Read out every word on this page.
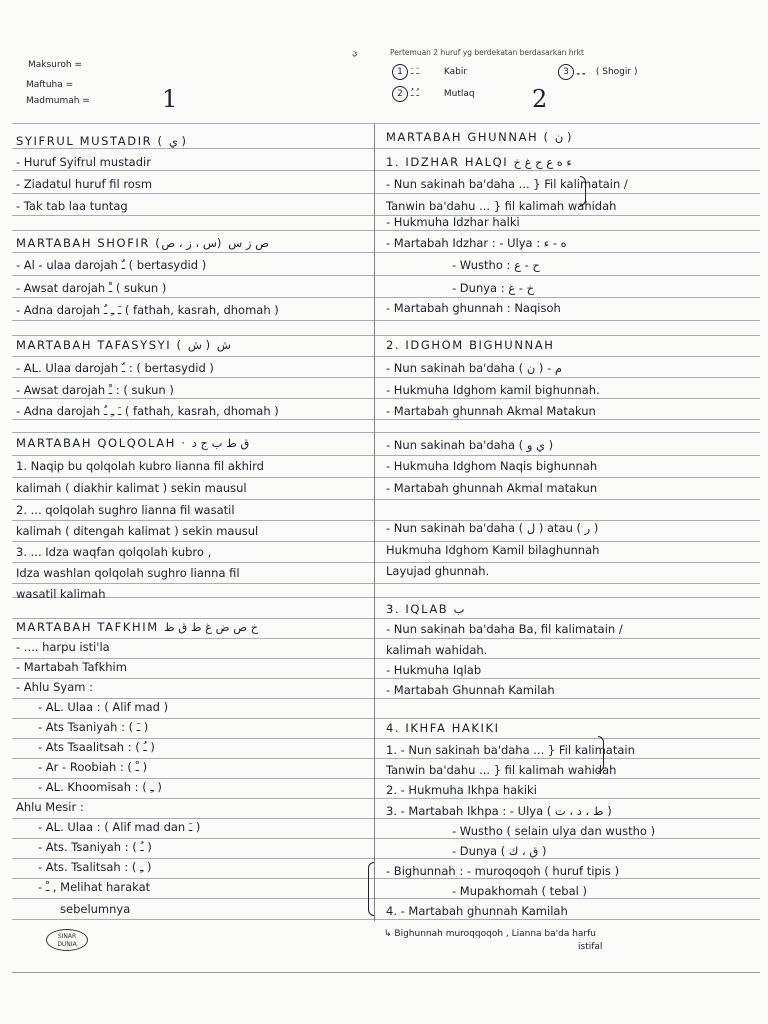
Maksuroh =
Maftuha =
Madmumah =	1
يَ	Pertemuan 2 huruf yg berdekatan berdasarkan hrkt
1 ـَ ـَ	Kabir
2 ـُ ـُ	Mutlaq
3 ـِ ـِ ( Shogir )
2
SYIFRUL MUSTADIR ( ي )
- Huruf Syifrul mustadir
- Ziadatul huruf fil rosm
- Tak tab laa tuntag
MARTABAH SHOFIR (س ، ز ، ص) ص ز س
- Al - ulaa darojah ـّ ( bertasydid )
- Awsat darojah ـْ ( sukun )
- Adna darojah ـَ ـِ ـُ ( fathah, kasrah, dhomah )
MARTABAH TAFASYSYI ( ش ) ش
- AL. Ulaa darojah ـّ : ( bertasydid )
- Awsat darojah ـْ : ( sukun )
- Adna darojah ـَ ـِ ـُ ( fathah, kasrah, dhomah )
MARTABAH QOLQOLAH · ق ط ب ج د
1. Naqip bu qolqolah kubro lianna fil akhird
kalimah ( diakhir kalimat ) sekin mausul
2. ... qolqolah sughro lianna fil wasatil
kalimah ( ditengah kalimat ) sekin mausul
3. ... Idza waqfan qolqolah kubro ,
Idza washlan qolqolah sughro lianna fil
wasatil kalimah
MARTABAH TAFKHIM خ ص ض غ ط ق ظ
- .... harpu isti'la
- Martabah Tafkhim
- Ahlu Syam :
- AL. Ulaa : ( Alif mad )
- Ats Tsaniyah : ( ـَ )
- Ats Tsaalitsah : ( ـُ )
- Ar - Roobiah : ( ـْ )
- AL. Khoomisah : ( ـِ )
Ahlu Mesir :
- AL. Ulaa : ( Alif mad dan ـَ )
- Ats. Tsaniyah : ( ـُ )
- Ats. Tsalitsah : ( ـِ )
- ـْ , Melihat harakat
sebelumnya
MARTABAH GHUNNAH ( ن )
1. IDZHAR HALQI ء ه ع ح غ خ
- Nun sakinah ba'daha ... } Fil kalimatain /
Tanwin ba'dahu ... } fil kalimah wahidah
- Hukmuha Idzhar halki
- Martabah Idzhar : - Ulya : ه - ء
- Wustho : ح - ع
- Dunya : خ - غ
- Martabah ghunnah : Naqisoh
2. IDGHOM BIGHUNNAH
- Nun sakinah ba'daha ( ن ) - م
- Hukmuha Idghom kamil bighunnah.
- Martabah ghunnah Akmal Matakun
- Nun sakinah ba'daha ( ي و )
- Hukmuha Idghom Naqis bighunnah
- Martabah ghunnah Akmal matakun
- Nun sakinah ba'daha ( ل ) atau ( ر )
Hukmuha Idghom Kamil bilaghunnah
Layujad ghunnah.
3. IQLAB ب
- Nun sakinah ba'daha Ba, fil kalimatain /
kalimah wahidah.
- Hukmuha Iqlab
- Martabah Ghunnah Kamilah
4. IKHFA HAKIKI
1. - Nun sakinah ba'daha ... } Fil kalimatain
Tanwin ba'dahu ... } fil kalimah wahidah
2. - Hukmuha Ikhpa hakiki
3. - Martabah Ikhpa : - Ulya ( ط ، د ، ت )
- Wustho ( selain ulya dan wustho )
- Dunya ( ق ، ك )
- Bighunnah : - muroqoqoh ( huruf tipis )
- Mupakhomah ( tebal )
4. - Martabah ghunnah Kamilah
↳ Bighunnah muroqqoqoh , Lianna ba'da harfu
istifal
SINAR
DUNIA
